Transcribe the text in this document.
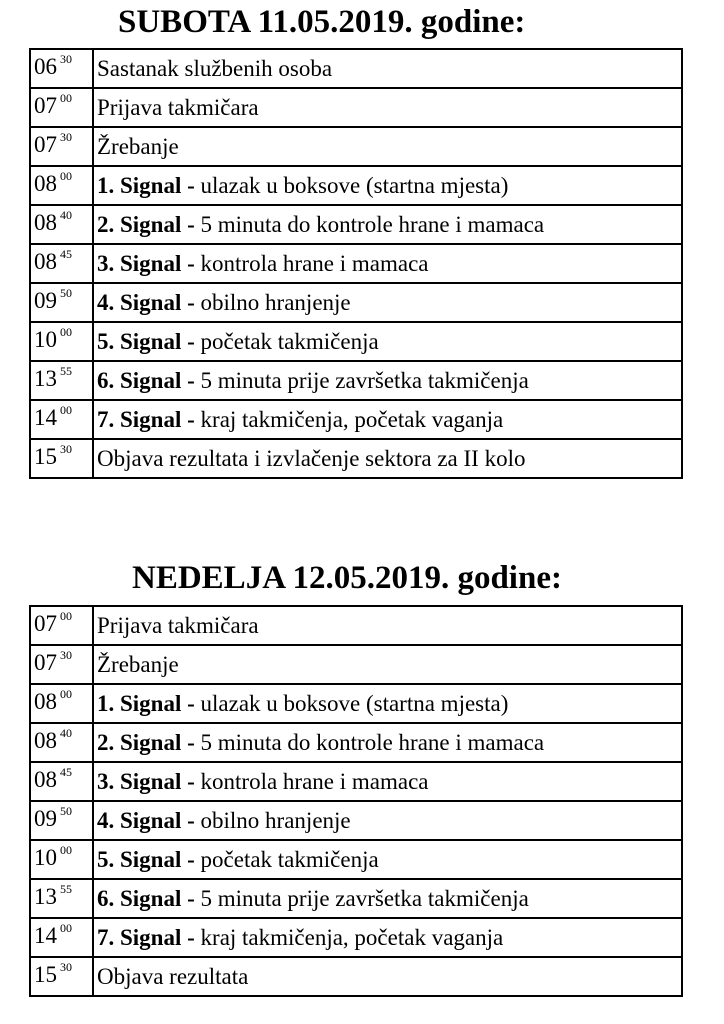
SUBOTA 11.05.2019. godine:
06 $^{30}$	Sastanak službenih osoba
07 $^{00}$	Prijava takmičara
07 $^{30}$	Žrebanje
08 $^{00}$	1. Signal - ulazak u boksove (startna mjesta)
08 $^{40}$	2. Signal - 5 minuta do kontrole hrane i mamaca
08 $^{45}$	3. Signal - kontrola hrane i mamaca
09 $^{50}$	4. Signal - obilno hranjenje
10 $^{00}$	5. Signal - početak takmičenja
13 $^{55}$	6. Signal - 5 minuta prije završetka takmičenja
14 $^{00}$	7. Signal - kraj takmičenja, početak vaganja
15 $^{30}$	Objava rezultata i izvlačenje sektora za II kolo
NEDELJA 12.05.2019. godine:
07 $^{00}$	Prijava takmičara
07 $^{30}$	Žrebanje
08 $^{00}$	1. Signal - ulazak u boksove (startna mjesta)
08 $^{40}$	2. Signal - 5 minuta do kontrole hrane i mamaca
08 $^{45}$	3. Signal - kontrola hrane i mamaca
09 $^{50}$	4. Signal - obilno hranjenje
10 $^{00}$	5. Signal - početak takmičenja
13 $^{55}$	6. Signal - 5 minuta prije završetka takmičenja
14 $^{00}$	7. Signal - kraj takmičenja, početak vaganja
15 $^{30}$	Objava rezultata
